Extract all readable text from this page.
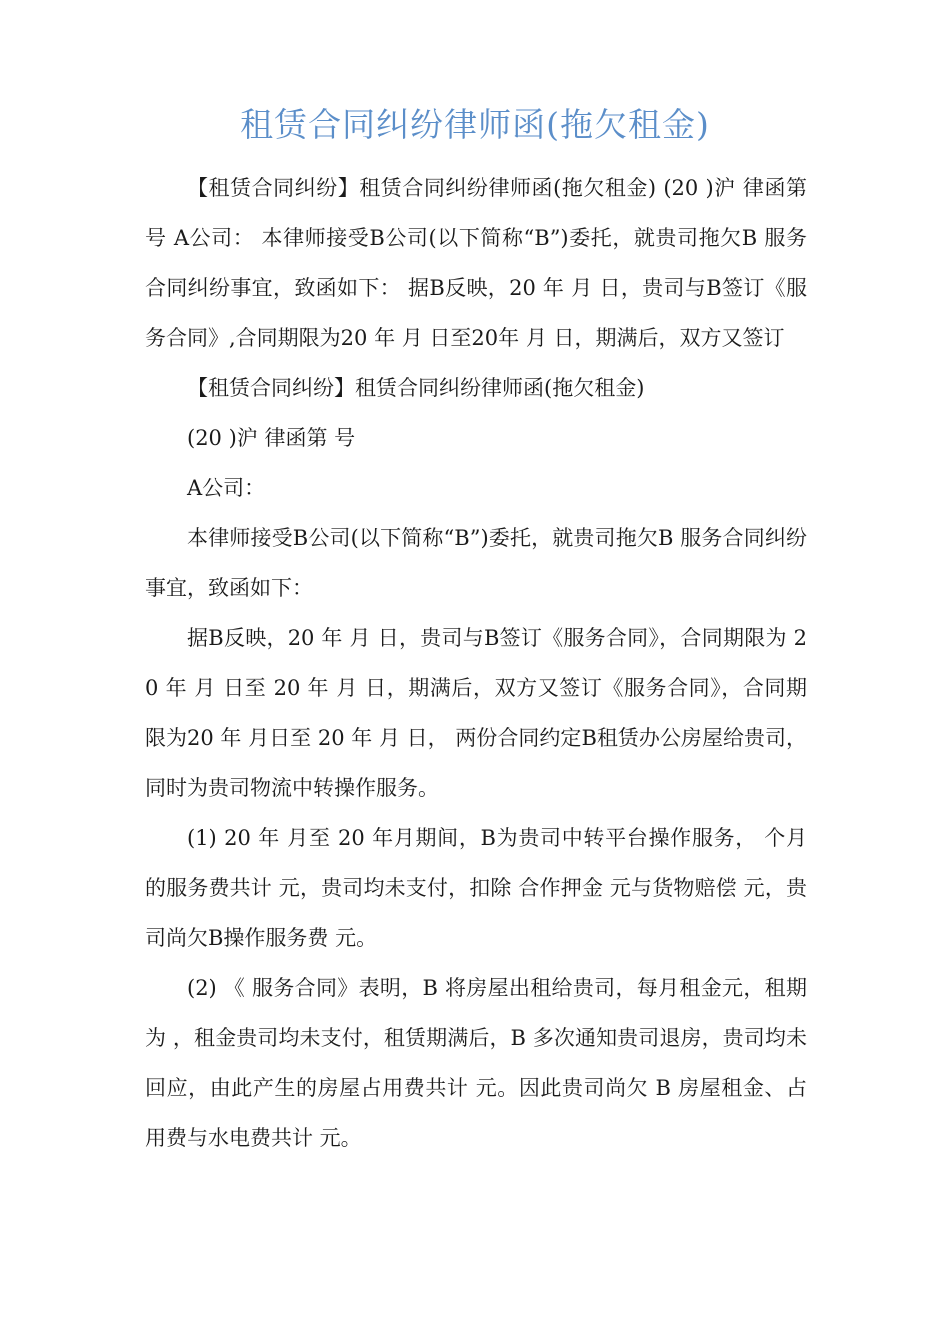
租赁合同纠纷律师函(拖欠租金)

【租赁合同纠纷】租赁合同纠纷律师函(拖欠租金) (20 )沪 律函第 号 A公司： 本律师接受B公司(以下简称“B”)委托，就贵司拖欠B 服务合同纠纷事宜，致函如下： 据B反映，20 年 月 日，贵司与B签订《服务合同》,合同期限为20 年 月 日至20年 月 日，期满后，双方又签订

【租赁合同纠纷】租赁合同纠纷律师函(拖欠租金)

(20 )沪 律函第 号

A公司：

本律师接受B公司(以下简称“B”)委托，就贵司拖欠B 服务合同纠纷事宜，致函如下：

据B反映，20 年 月 日，贵司与B签订《服务合同》，合同期限为 20 年 月 日至 20 年 月 日，期满后，双方又签订《服务合同》，合同期限为20 年 月日至 20 年 月 日， 两份合同约定B租赁办公房屋给贵司，同时为贵司物流中转操作服务。

(1) 20 年 月至 20 年月期间，B为贵司中转平台操作服务， 个月的服务费共计 元，贵司均未支付，扣除 合作押金 元与货物赔偿 元，贵司尚欠B操作服务费 元。

(2) 《 服务合同》表明，B 将房屋出租给贵司，每月租金元，租期为 ，租金贵司均未支付，租赁期满后，B 多次通知贵司退房，贵司均未回应，由此产生的房屋占用费共计 元。因此贵司尚欠 B 房屋租金、占用费与水电费共计 元。
